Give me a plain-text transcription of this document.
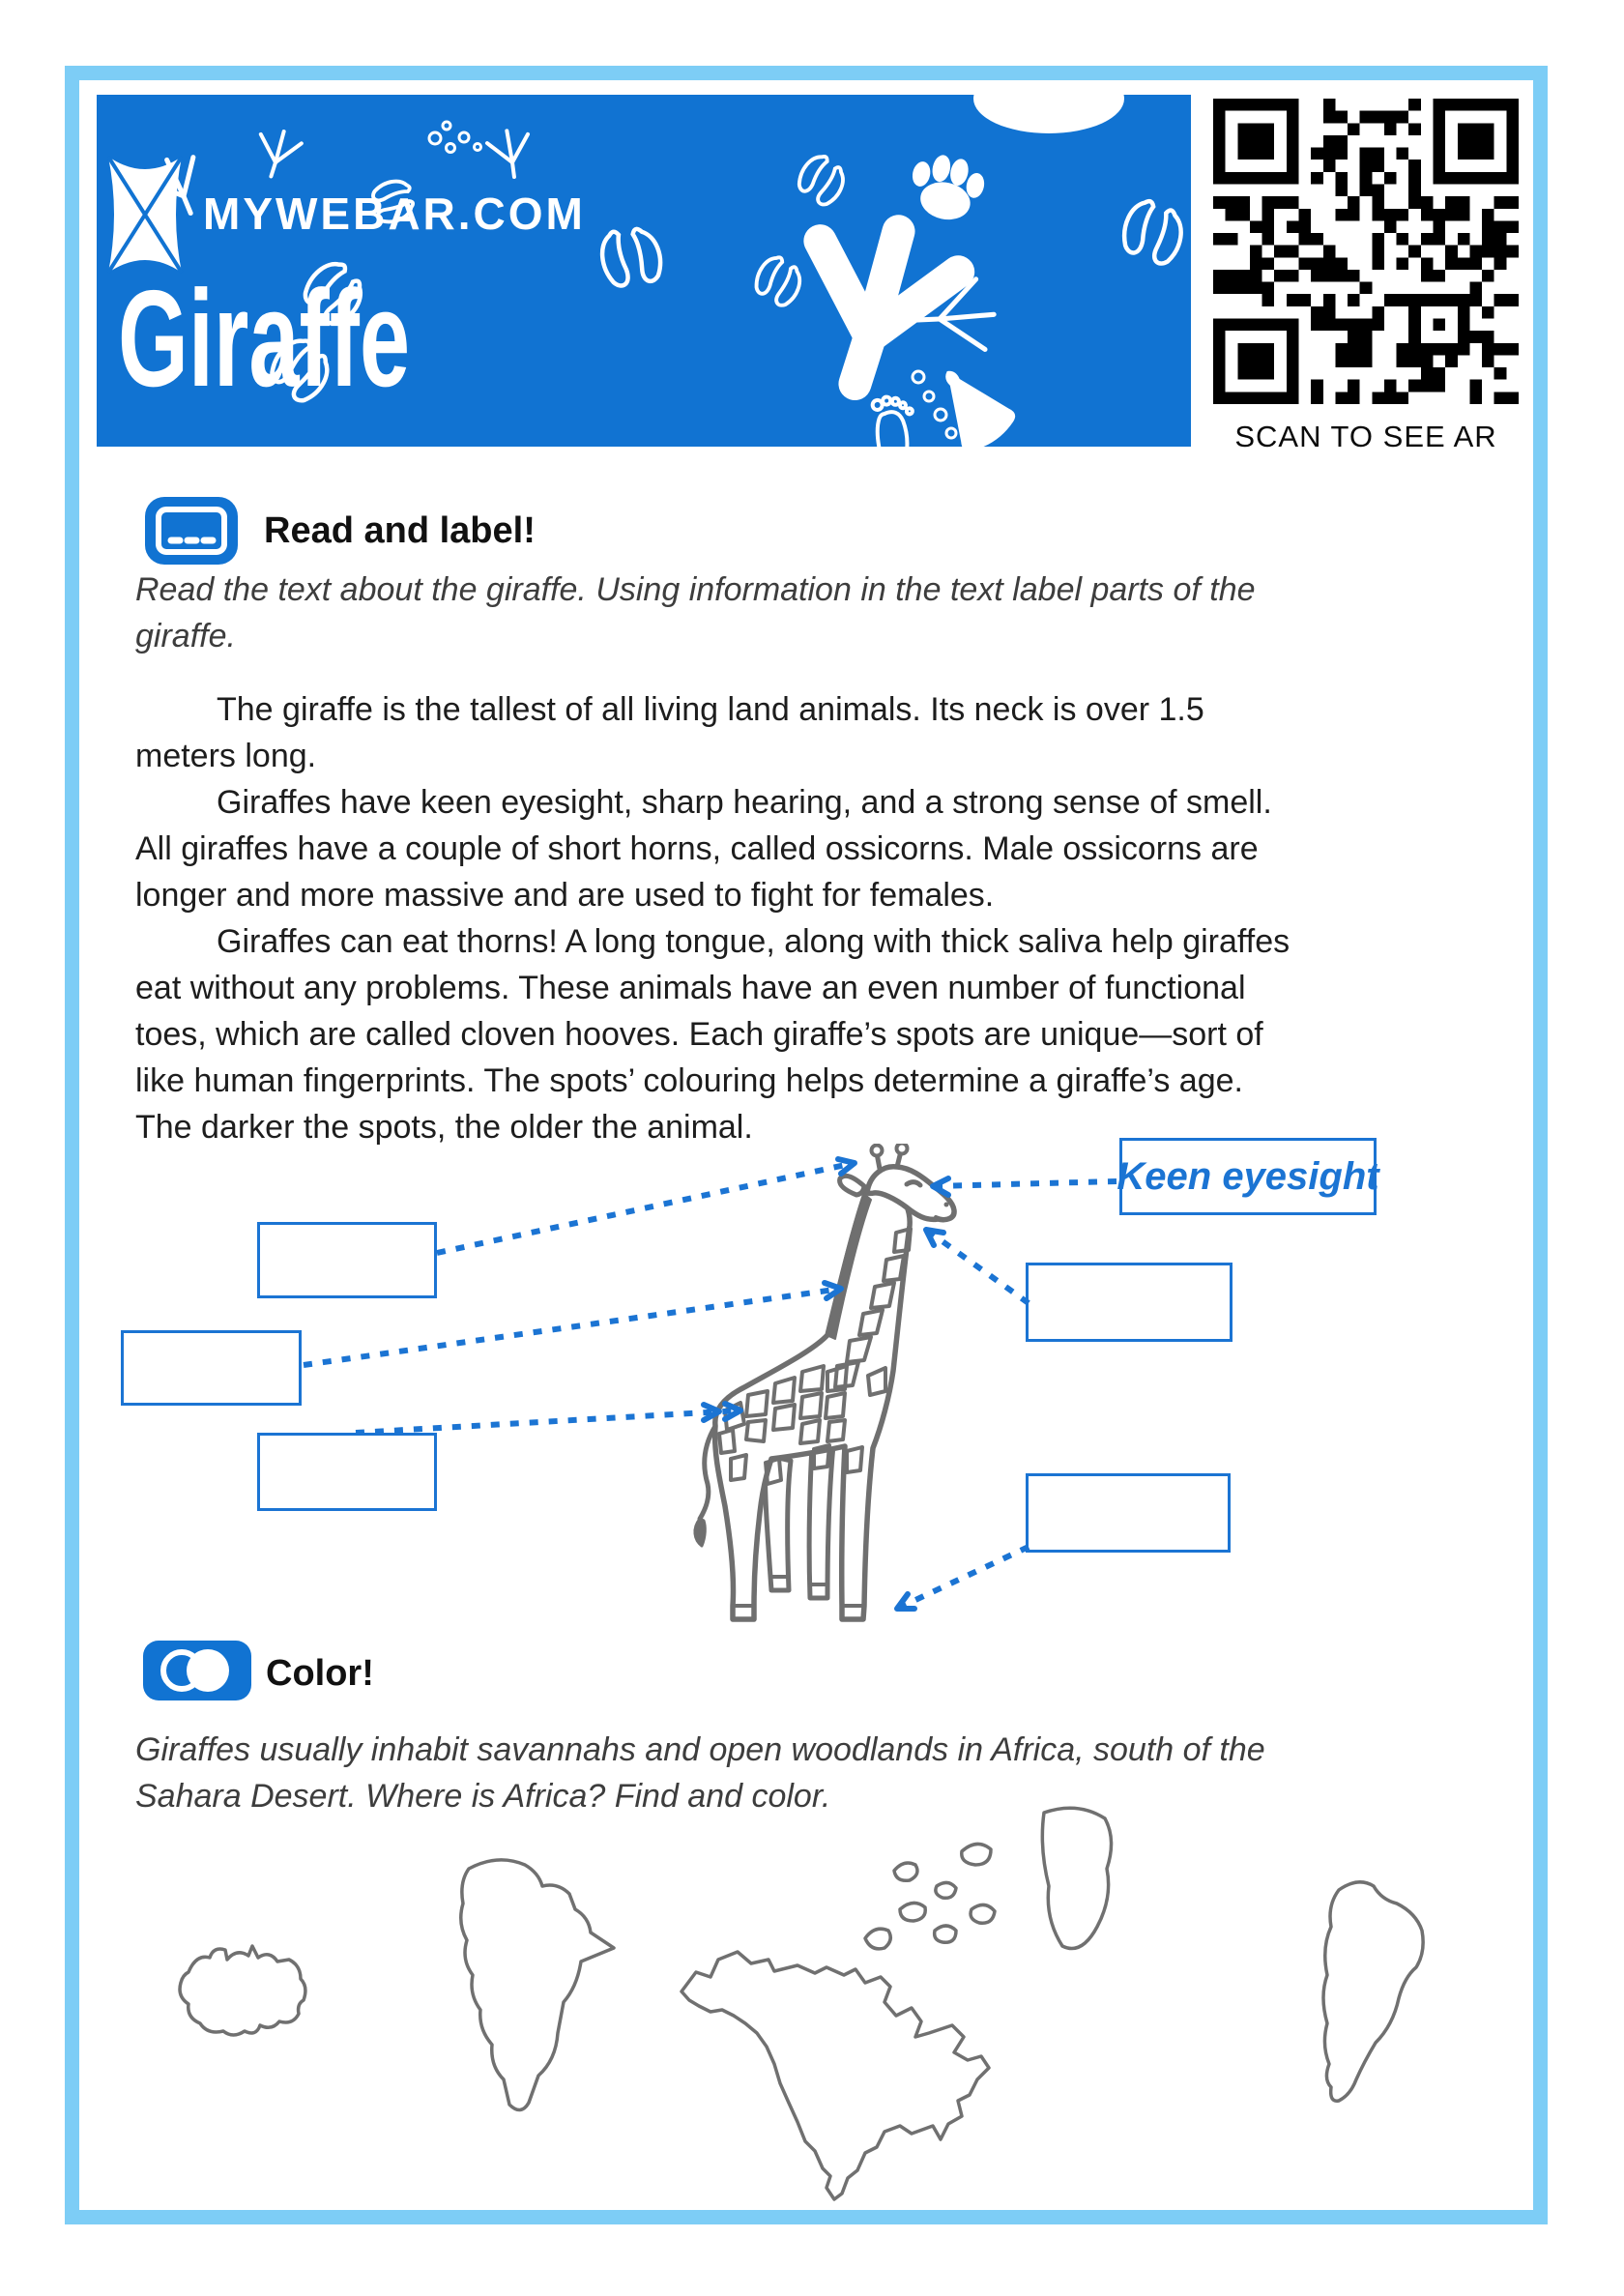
MYWEBAR.COM
Giraffe
SCAN TO SEE AR
Read and label!
Read the text about the giraffe. Using information in the text label parts of the
giraffe.
The giraffe is the tallest of all living land animals. Its neck is over 1.5
meters long.
Giraffes have keen eyesight, sharp hearing, and a strong sense of smell.
All giraffes have a couple of short horns, called ossicorns. Male ossicorns are
longer and more massive and are used to fight for females.
Giraffes can eat thorns! A long tongue, along with thick saliva help giraffes
eat without any problems. These animals have an even number of functional
toes, which are called cloven hooves. Each giraffe’s spots are unique—sort of
like human fingerprints. The spots’ colouring helps determine a giraffe’s age.
The darker the spots, the older the animal.
Keen eyesight
Color!
Giraffes usually inhabit savannahs and open woodlands in Africa, south of the
Sahara Desert. Where is Africa? Find and color.
